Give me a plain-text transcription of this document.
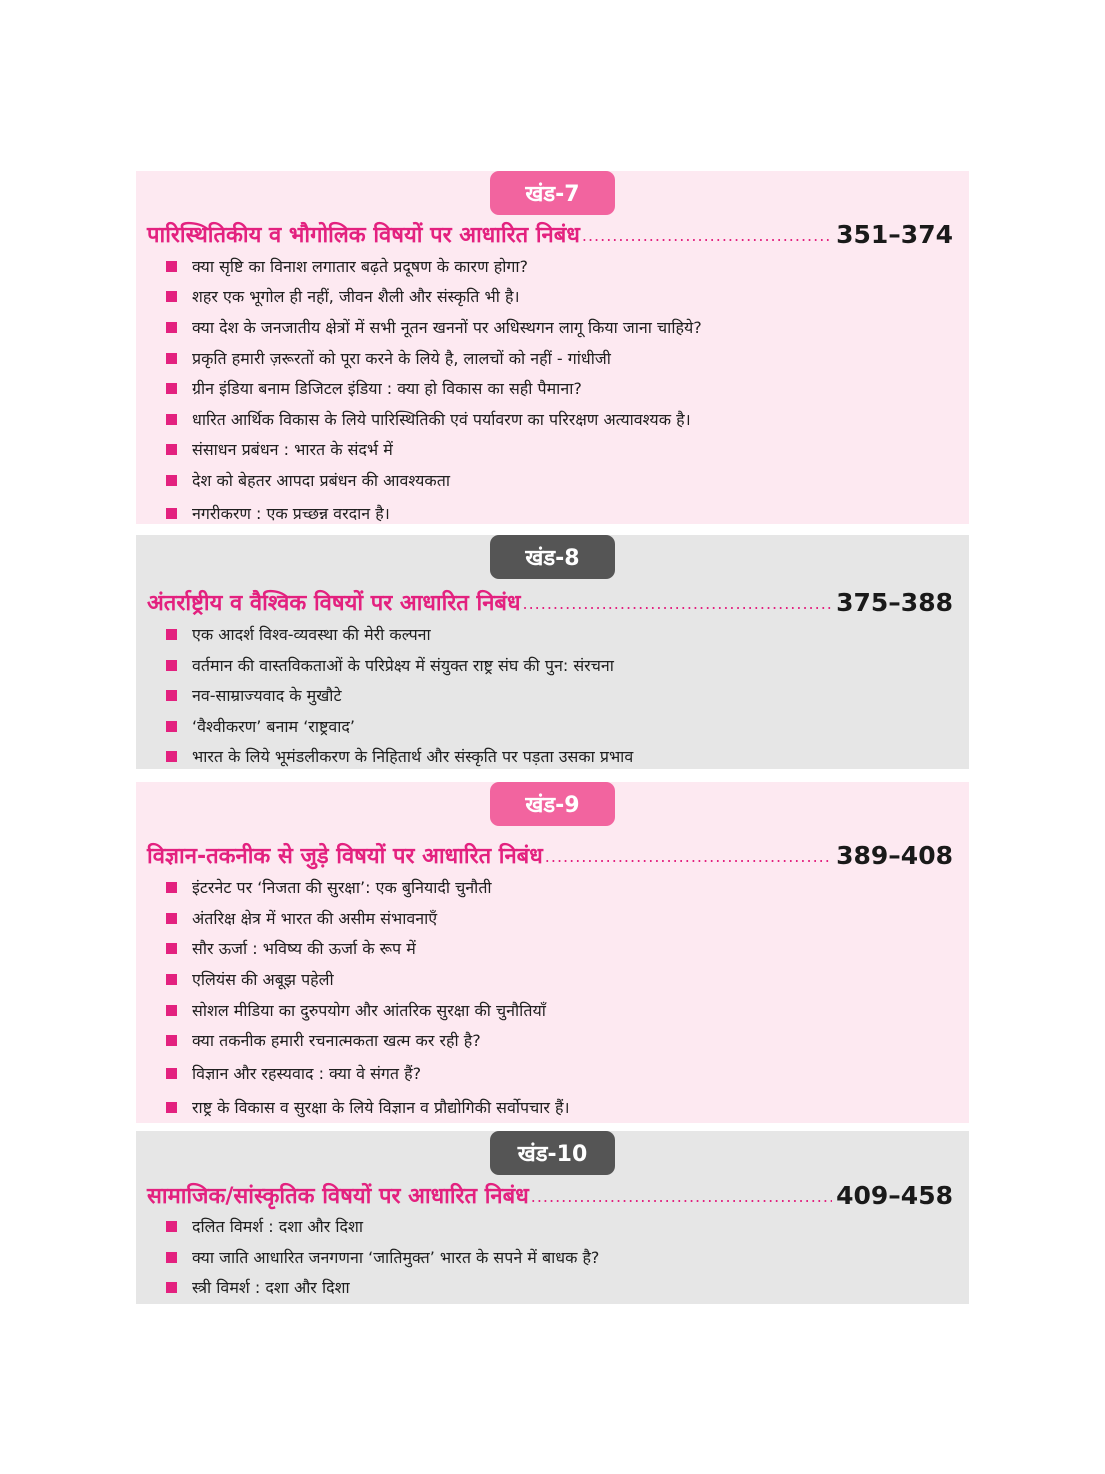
खंड-7
पारिस्थितिकीय व भौगोलिक विषयों पर आधारित निबंध .....	351–374
क्या सृष्टि का विनाश लगातार बढ़ते प्रदूषण के कारण होगा?
शहर एक भूगोल ही नहीं, जीवन शैली और संस्कृति भी है।
क्या देश के जनजातीय क्षेत्रों में सभी नूतन खननों पर अधिस्थगन लागू किया जाना चाहिये?
प्रकृति हमारी ज़रूरतों को पूरा करने के लिये है, लालचों को नहीं - गांधीजी
ग्रीन इंडिया बनाम डिजिटल इंडिया : क्या हो विकास का सही पैमाना?
धारित आर्थिक विकास के लिये पारिस्थितिकी एवं पर्यावरण का परिरक्षण अत्यावश्यक है।
संसाधन प्रबंधन : भारत के संदर्भ में
देश को बेहतर आपदा प्रबंधन की आवश्यकता
नगरीकरण : एक प्रच्छन्न वरदान है।
खंड-8
अंतर्राष्ट्रीय व वैश्विक विषयों पर आधारित निबंध .....	375–388
एक आदर्श विश्व-व्यवस्था की मेरी कल्पना
वर्तमान की वास्तविकताओं के परिप्रेक्ष्य में संयुक्त राष्ट्र संघ की पुन: संरचना
नव-साम्राज्यवाद के मुखौटे
‘वैश्वीकरण’ बनाम ‘राष्ट्रवाद’
भारत के लिये भूमंडलीकरण के निहितार्थ और संस्कृति पर पड़ता उसका प्रभाव
खंड-9
विज्ञान-तकनीक से जुड़े विषयों पर आधारित निबंध .....	389–408
इंटरनेट पर ‘निजता की सुरक्षा’: एक बुनियादी चुनौती
अंतरिक्ष क्षेत्र में भारत की असीम संभावनाएँ
सौर ऊर्जा : भविष्य की ऊर्जा के रूप में
एलियंस की अबूझ पहेली
सोशल मीडिया का दुरुपयोग और आंतरिक सुरक्षा की चुनौतियाँ
क्या तकनीक हमारी रचनात्मकता खत्म कर रही है?
विज्ञान और रहस्यवाद : क्या वे संगत हैं?
राष्ट्र के विकास व सुरक्षा के लिये विज्ञान व प्रौद्योगिकी सर्वोपचार हैं।
खंड-10
सामाजिक/सांस्कृतिक विषयों पर आधारित निबंध .....	409–458
दलित विमर्श : दशा और दिशा
क्या जाति आधारित जनगणना ‘जातिमुक्त’ भारत के सपने में बाधक है?
स्त्री विमर्श : दशा और दिशा
